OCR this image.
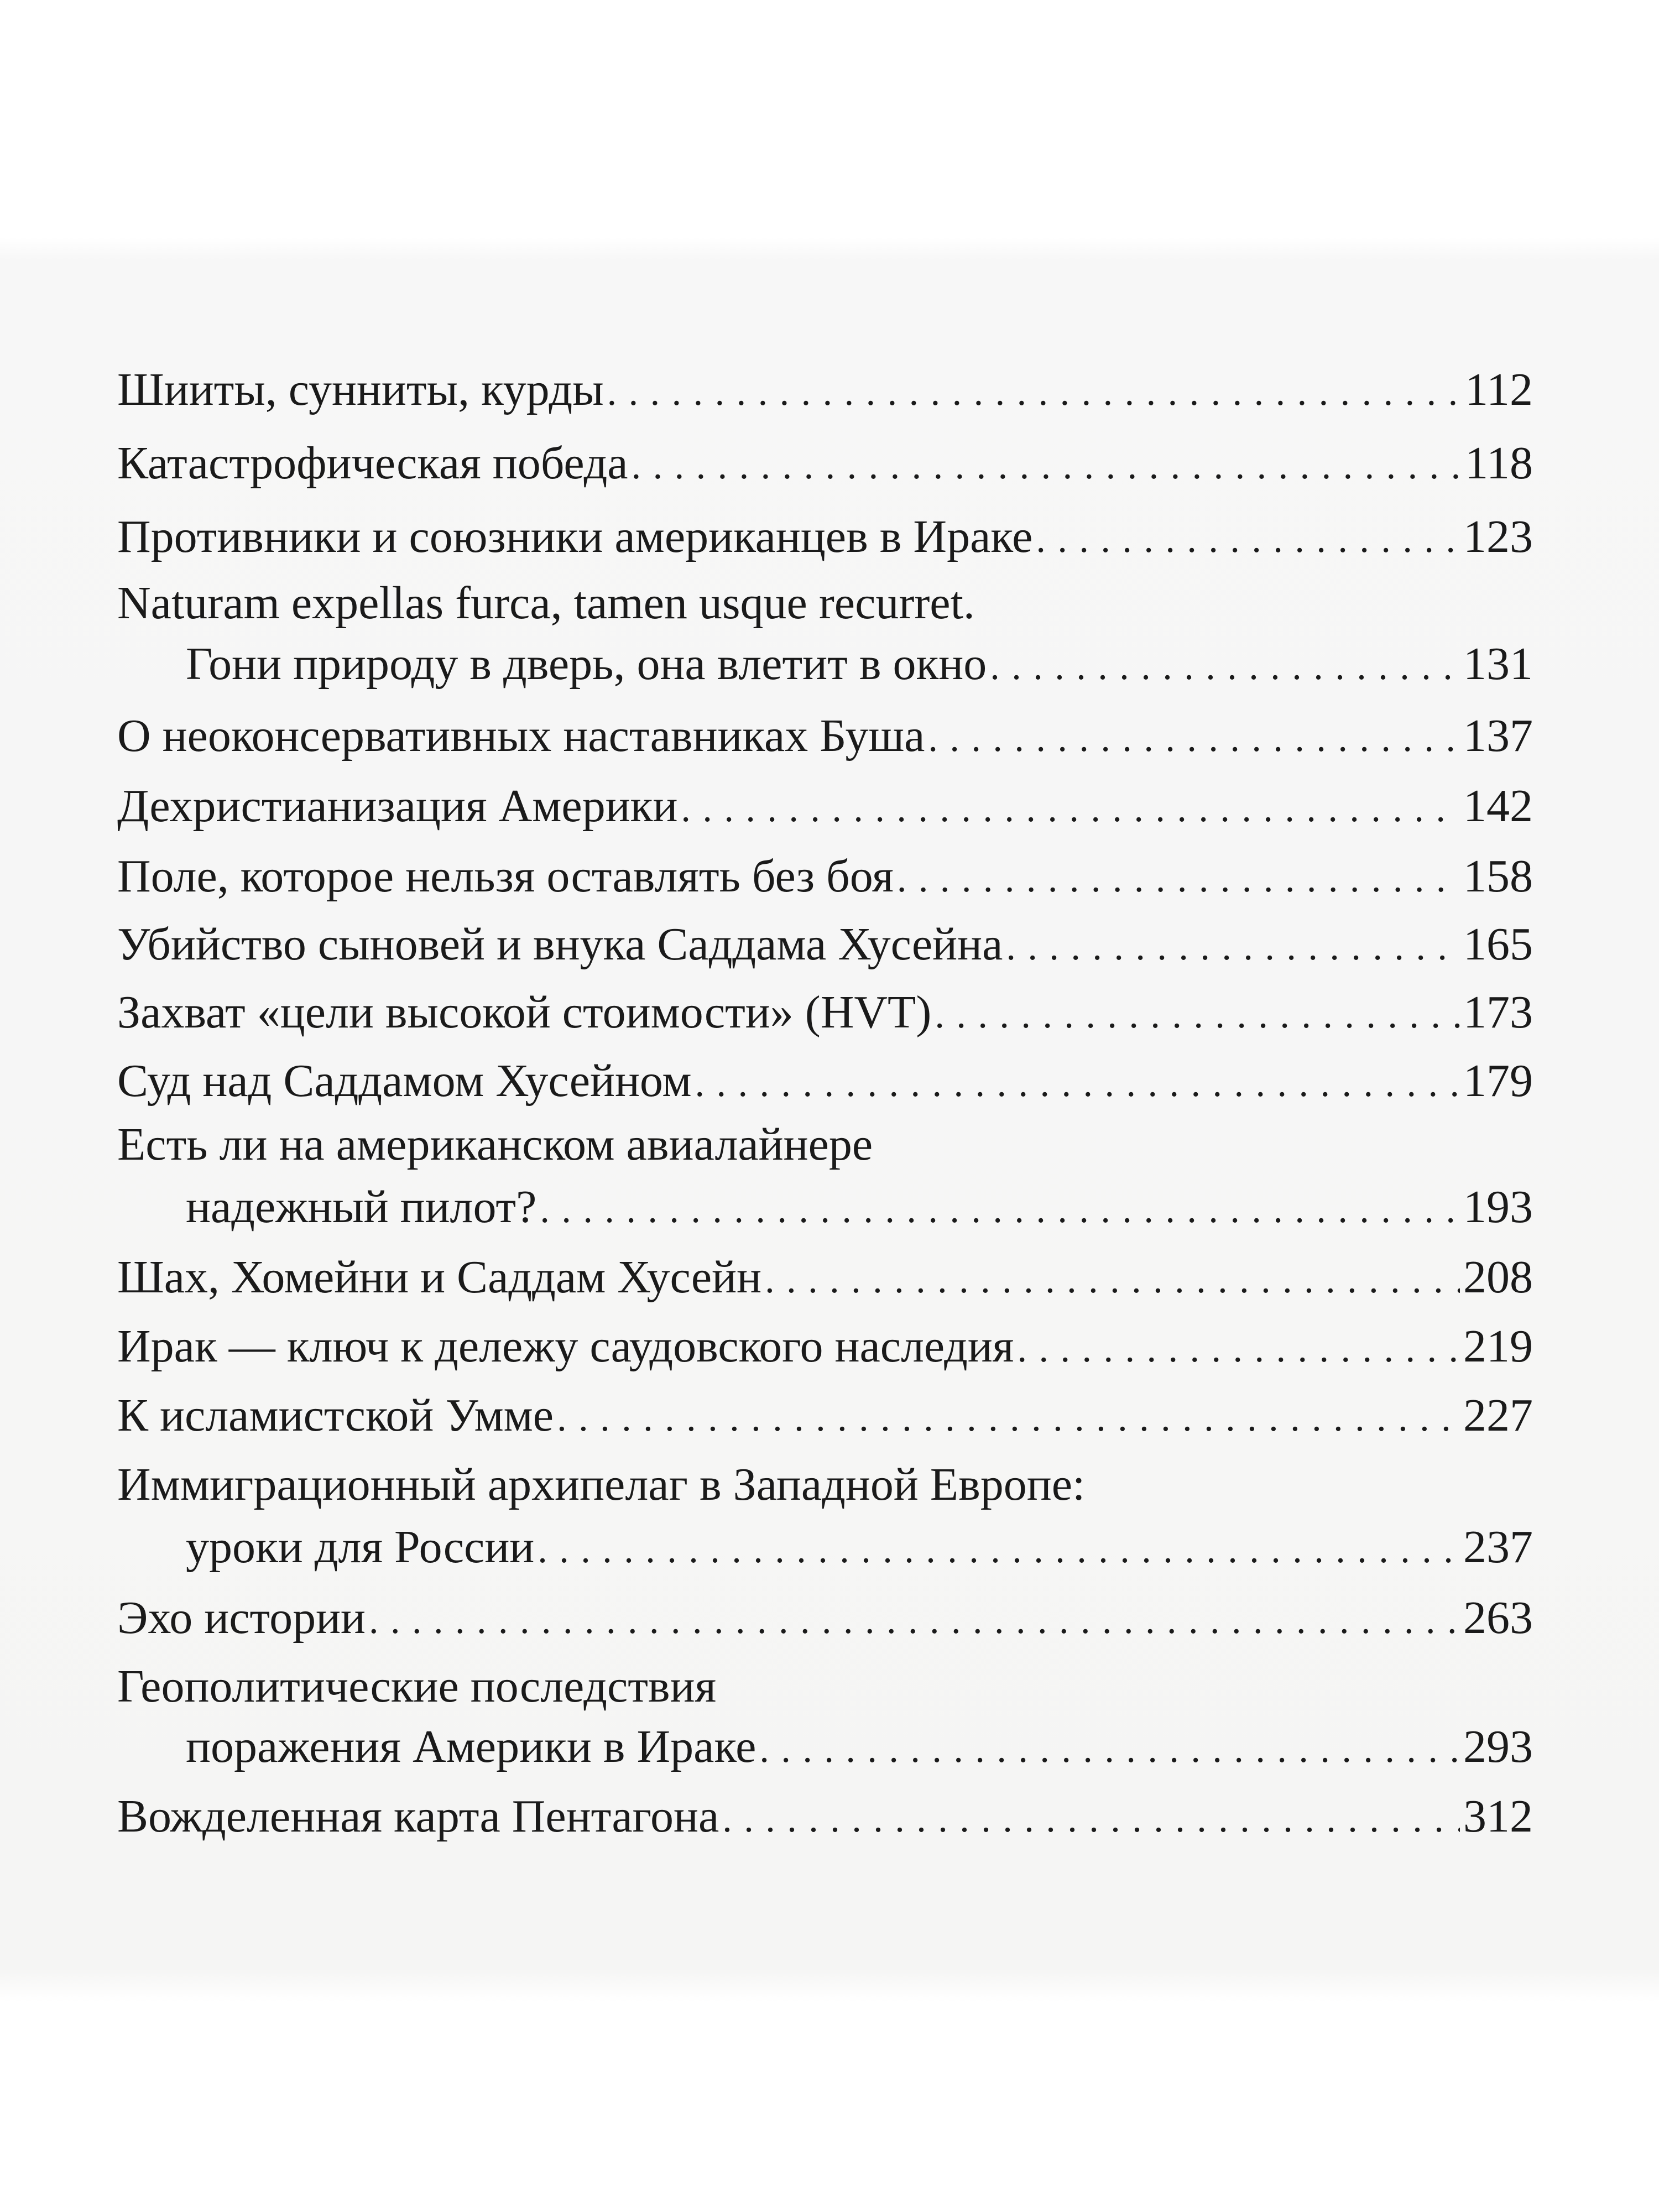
Шииты, сунниты, курды . . .	112
Катастрофическая победа . . .	118
Противники и союзники американцев в Ираке . . .	123
Naturam expellas furca, tamen usque recurret.
Гони природу в дверь, она влетит в окно . . .	131
О неоконсервативных наставниках Буша . . .	137
Дехристианизация Америки . . .	142
Поле, которое нельзя оставлять без боя . . .	158
Убийство сыновей и внука Саддама Хусейна . . .	165
Захват «цели высокой стоимости» (HVT) . . .	173
Суд над Саддамом Хусейном . . .	179
Есть ли на американском авиалайнере
надежный пилот? . . .	193
Шах, Хомейни и Саддам Хусейн . . .	208
Ирак — ключ к дележу саудовского наследия . . .	219
К исламистской Умме . . .	227
Иммиграционный архипелаг в Западной Европе:
уроки для России . . .	237
Эхо истории . . .	263
Геополитические последствия
поражения Америки в Ираке . . .	293
Вожделенная карта Пентагона . . .	312
